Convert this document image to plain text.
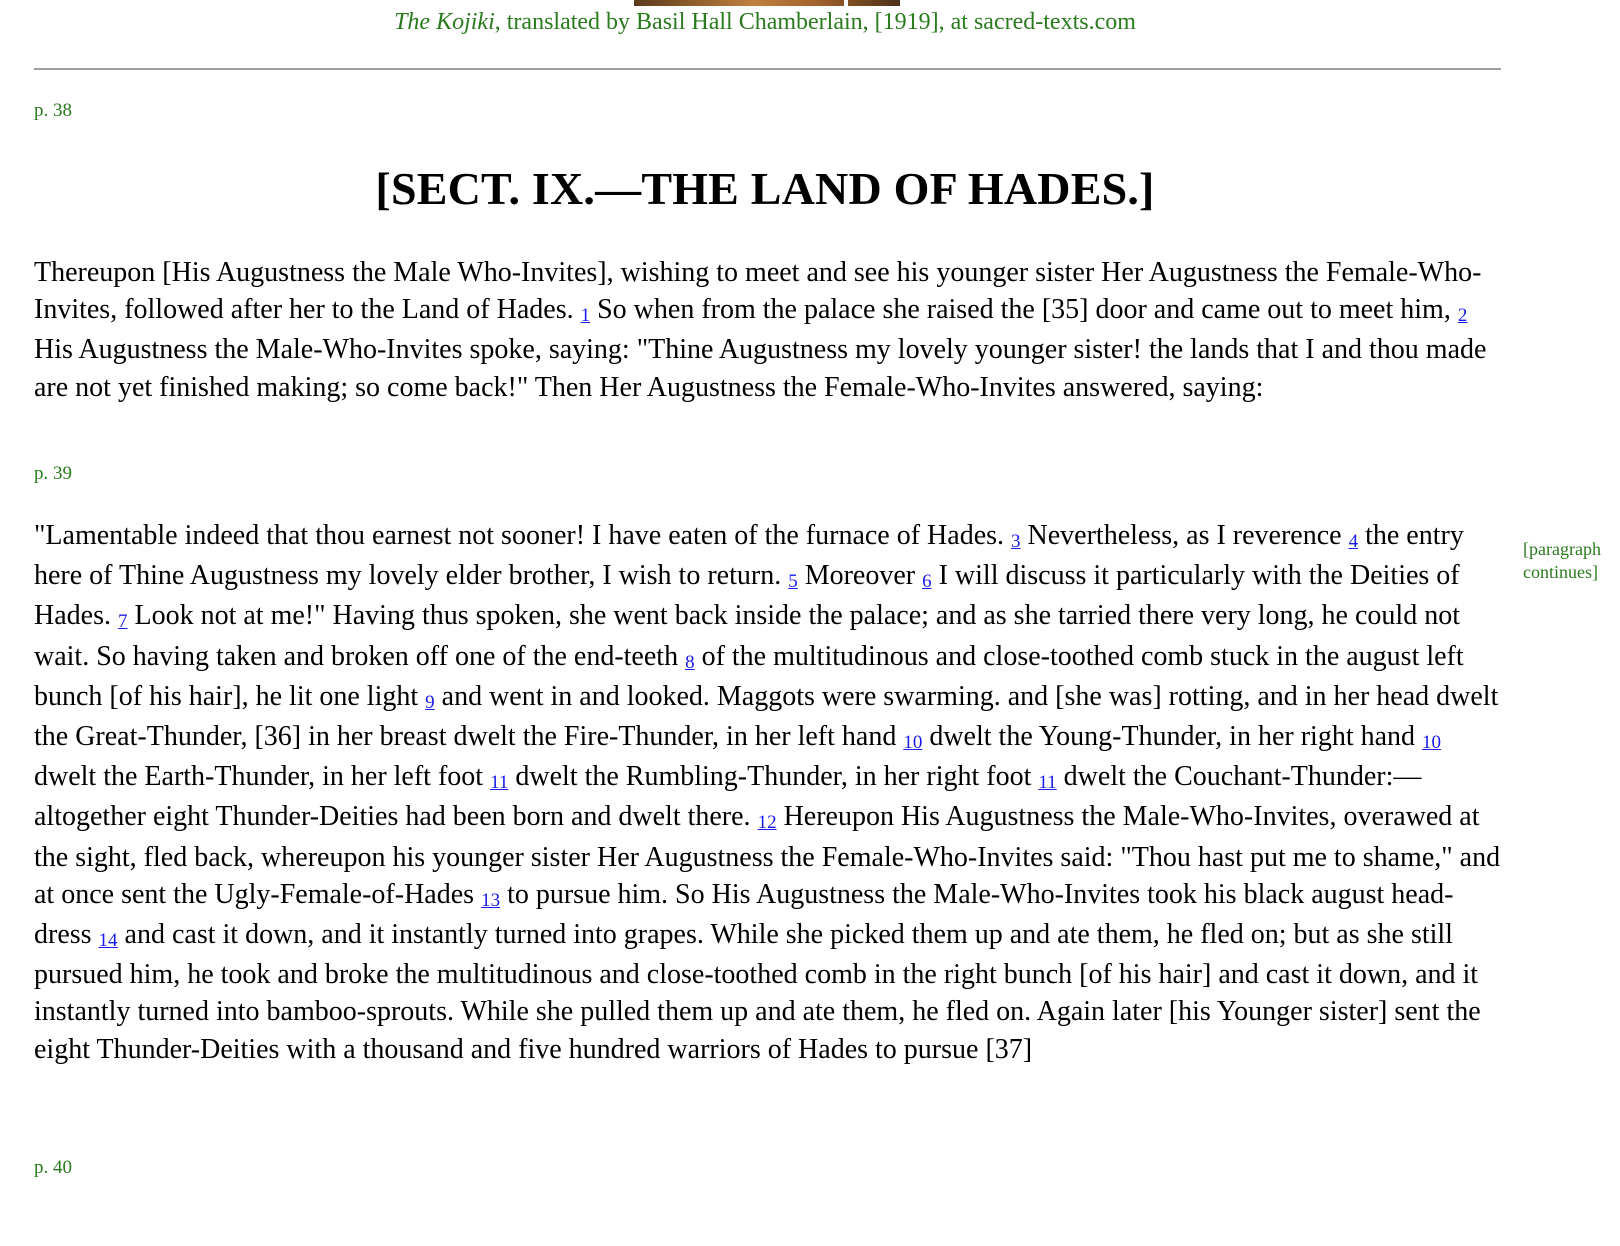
The Kojiki, translated by Basil Hall Chamberlain, [1919], at sacred-texts.com
p. 38
[SECT. IX.—THE LAND OF HADES.]

Thereupon [His Augustness the Male Who-Invites], wishing to meet and see his younger sister Her Augustness the Female-Who-Invites, followed after her to the Land of Hades. 1 So when from the palace she raised the [35] door and came out to meet him, 2 His Augustness the Male-Who-Invites spoke, saying: "Thine Augustness my lovely younger sister! the lands that I and thou made are not yet finished making; so come back!" Then Her Augustness the Female-Who-Invites answered, saying:

p. 39
[paragraph continues]

"Lamentable indeed that thou earnest not sooner! I have eaten of the furnace of Hades. 3 Nevertheless, as I reverence 4 the entry here of Thine Augustness my lovely elder brother, I wish to return. 5 Moreover 6 I will discuss it particularly with the Deities of Hades. 7 Look not at me!" Having thus spoken, she went back inside the palace; and as she tarried there very long, he could not wait. So having taken and broken off one of the end-teeth 8 of the multitudinous and close-toothed comb stuck in the august left bunch [of his hair], he lit one light 9 and went in and looked. Maggots were swarming. and [she was] rotting, and in her head dwelt the Great-Thunder, [36] in her breast dwelt the Fire-Thunder, in her left hand 10 dwelt the Young-Thunder, in her right hand 10 dwelt the Earth-Thunder, in her left foot 11 dwelt the Rumbling-Thunder, in her right foot 11 dwelt the Couchant-Thunder:—altogether eight Thunder-Deities had been born and dwelt there. 12 Hereupon His Augustness the Male-Who-Invites, overawed at the sight, fled back, whereupon his younger sister Her Augustness the Female-Who-Invites said: "Thou hast put me to shame," and at once sent the Ugly-Female-of-Hades 13 to pursue him. So His Augustness the Male-Who-Invites took his black august head-dress 14 and cast it down, and it instantly turned into grapes. While she picked them up and ate them, he fled on; but as she still pursued him, he took and broke the multitudinous and close-toothed comb in the right bunch [of his hair] and cast it down, and it instantly turned into bamboo-sprouts. While she pulled them up and ate them, he fled on. Again later [his Younger sister] sent the eight Thunder-Deities with a thousand and five hundred warriors of Hades to pursue [37]

p. 40
